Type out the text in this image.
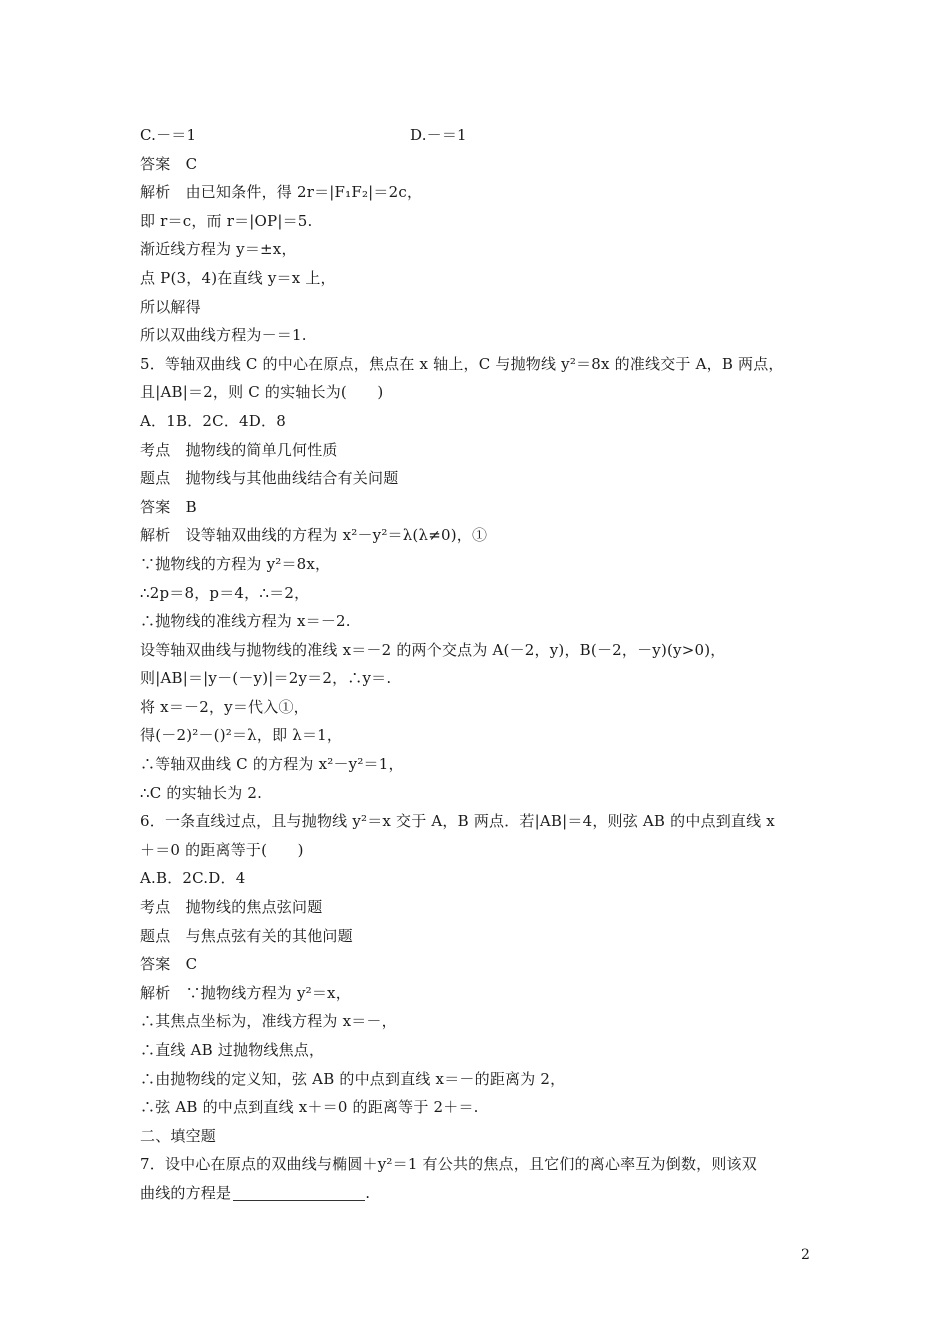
C.－＝1	D.－＝1
答案　C
解析　由已知条件，得 2r＝|F₁F₂|＝2c，
即 r＝c，而 r＝|OP|＝5.
渐近线方程为 y＝±x，
点 P(3，4)在直线 y＝x 上，
所以解得
所以双曲线方程为－＝1.
5．等轴双曲线 C 的中心在原点，焦点在 x 轴上，C 与抛物线 y²＝8x 的准线交于 A，B 两点，
且|AB|＝2，则 C 的实轴长为(　　)
A．1B．2C．4D．8
考点　抛物线的简单几何性质
题点　抛物线与其他曲线结合有关问题
答案　B
解析　设等轴双曲线的方程为 x²－y²＝λ(λ≠0)，①
∵抛物线的方程为 y²＝8x，
∴2p＝8，p＝4，∴＝2，
∴抛物线的准线方程为 x＝－2.
设等轴双曲线与抛物线的准线 x＝－2 的两个交点为 A(－2，y)，B(－2，－y)(y>0)，
则|AB|＝|y－(－y)|＝2y＝2，∴y＝.
将 x＝－2，y＝代入①，
得(－2)²－()²＝λ，即 λ＝1，
∴等轴双曲线 C 的方程为 x²－y²＝1，
∴C 的实轴长为 2.
6．一条直线过点，且与抛物线 y²＝x 交于 A，B 两点．若|AB|＝4，则弦 AB 的中点到直线 x
＋＝0 的距离等于(　　)
A.B．2C.D．4
考点　抛物线的焦点弦问题
题点　与焦点弦有关的其他问题
答案　C
解析　∵抛物线方程为 y²＝x，
∴其焦点坐标为，准线方程为 x＝－，
∴直线 AB 过抛物线焦点，
∴由抛物线的定义知，弦 AB 的中点到直线 x＝－的距离为 2，
∴弦 AB 的中点到直线 x＋＝0 的距离等于 2＋＝.
二、填空题
7．设中心在原点的双曲线与椭圆＋y²＝1 有公共的焦点，且它们的离心率互为倒数，则该双
曲线的方程是	.
2
